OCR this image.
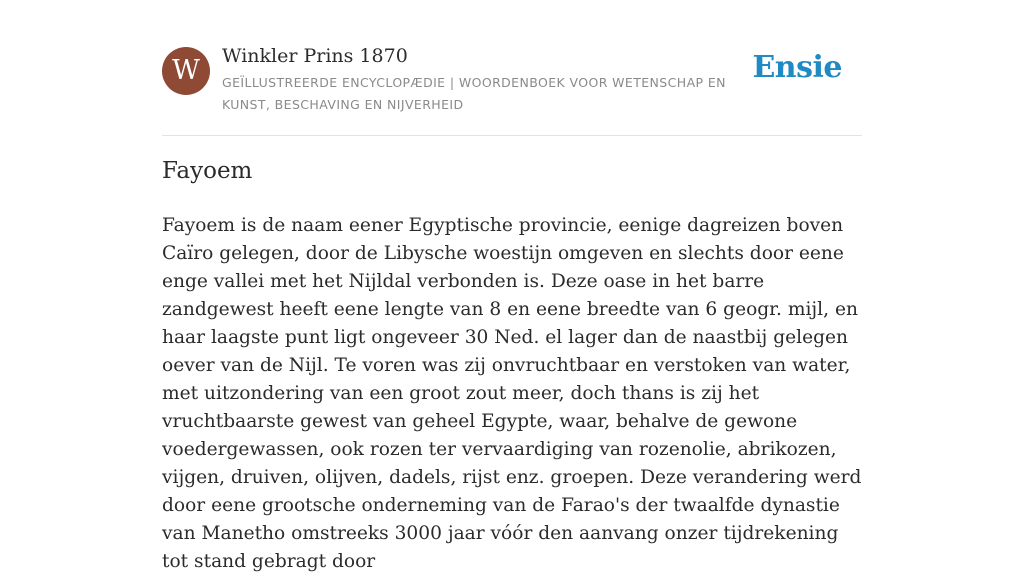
W	Winkler Prins 1870
GEÏLLUSTREERDE ENCYCLOPÆDIE | WOORDENBOEK VOOR WETENSCHAP EN KUNST, BESCHAVING EN NIJVERHEID
Ensie
Fayoem

Fayoem is de naam eener Egyptische provincie, eenige dagreizen boven Caïro gelegen, door de Libysche woestijn omgeven en slechts door eene enge vallei met het Nijldal verbonden is. Deze oase in het barre zandgewest heeft eene lengte van 8 en eene breedte van 6 geogr. mijl, en haar laagste punt ligt ongeveer 30 Ned. el lager dan de naastbij gelegen oever van de Nijl. Te voren was zij onvruchtbaar en verstoken van water, met uitzondering van een groot zout meer, doch thans is zij het vruchtbaarste gewest van geheel Egypte, waar, behalve de gewone voedergewassen, ook rozen ter vervaardiging van rozenolie, abrikozen, vijgen, druiven, olijven, dadels, rijst enz. groepen. Deze verandering werd door eene grootsche onderneming van de Farao's der twaalfde dynastie van Manetho omstreeks 3000 jaar vóór den aanvang onzer tijdrekening tot stand gebragt door
